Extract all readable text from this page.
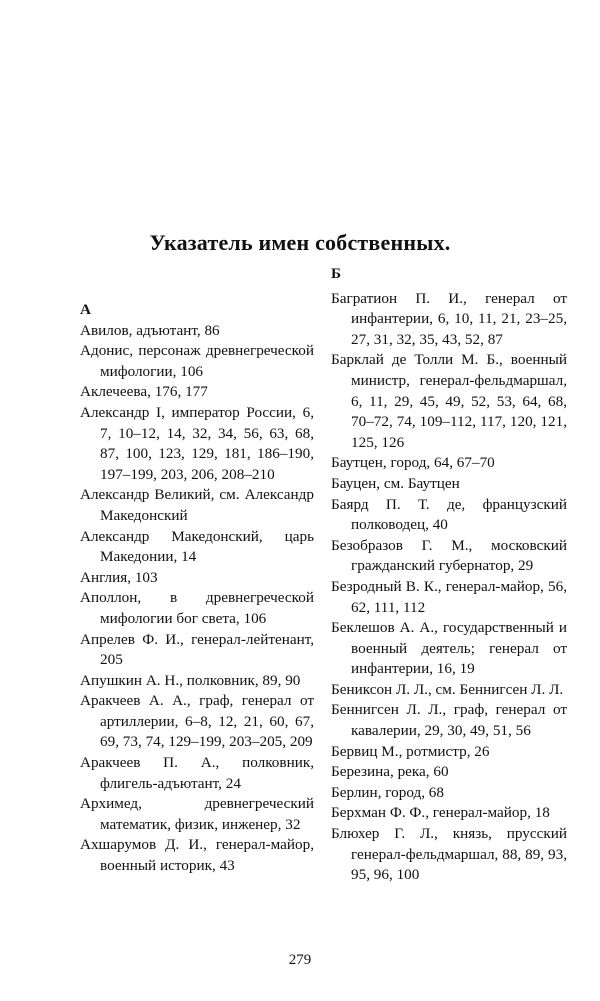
Указатель имен собственных.
А

Авилов, адъютант, 86

Адонис, персонаж древнегреческой мифологии, 106

Аклечеева, 176, 177

Александр I, император России, 6, 7, 10–12, 14, 32, 34, 56, 63, 68, 87, 100, 123, 129, 181, 186–190, 197–199, 203, 206, 208–210

Александр Великий, см. Александр Македонский

Александр Македонский, царь Македонии, 14

Англия, 103

Аполлон, в древнегреческой мифологии бог света, 106

Апрелев Ф. И., генерал-лейтенант, 205

Апушкин А. Н., полковник, 89, 90

Аракчеев А. А., граф, генерал от артиллерии, 6–8, 12, 21, 60, 67, 69, 73, 74, 129–199, 203–205, 209

Аракчеев П. А., полковник, флигель-адъютант, 24

Архимед, древнегреческий математик, физик, инженер, 32

Ахшарумов Д. И., генерал-майор, военный историк, 43

Б

Багратион П. И., генерал от инфантерии, 6, 10, 11, 21, 23–25, 27, 31, 32, 35, 43, 52, 87

Барклай де Толли М. Б., военный министр, генерал-фельдмаршал, 6, 11, 29, 45, 49, 52, 53, 64, 68, 70–72, 74, 109–112, 117, 120, 121, 125, 126

Баутцен, город, 64, 67–70

Бауцен, см. Баутцен

Баярд П. Т. де, французский полководец, 40

Безобразов Г. М., московский гражданский губернатор, 29

Безродный В. К., генерал-майор, 56, 62, 111, 112

Беклешов А. А., государственный и военный деятель; генерал от инфантерии, 16, 19

Бениксон Л. Л., см. Беннигсен Л. Л.

Беннигсен Л. Л., граф, генерал от кавалерии, 29, 30, 49, 51, 56

Бервиц М., ротмистр, 26

Березина, река, 60

Берлин, город, 68

Берхман Ф. Ф., генерал-майор, 18

Блюхер Г. Л., князь, прусский генерал-фельдмаршал, 88, 89, 93, 95, 96, 100

279
